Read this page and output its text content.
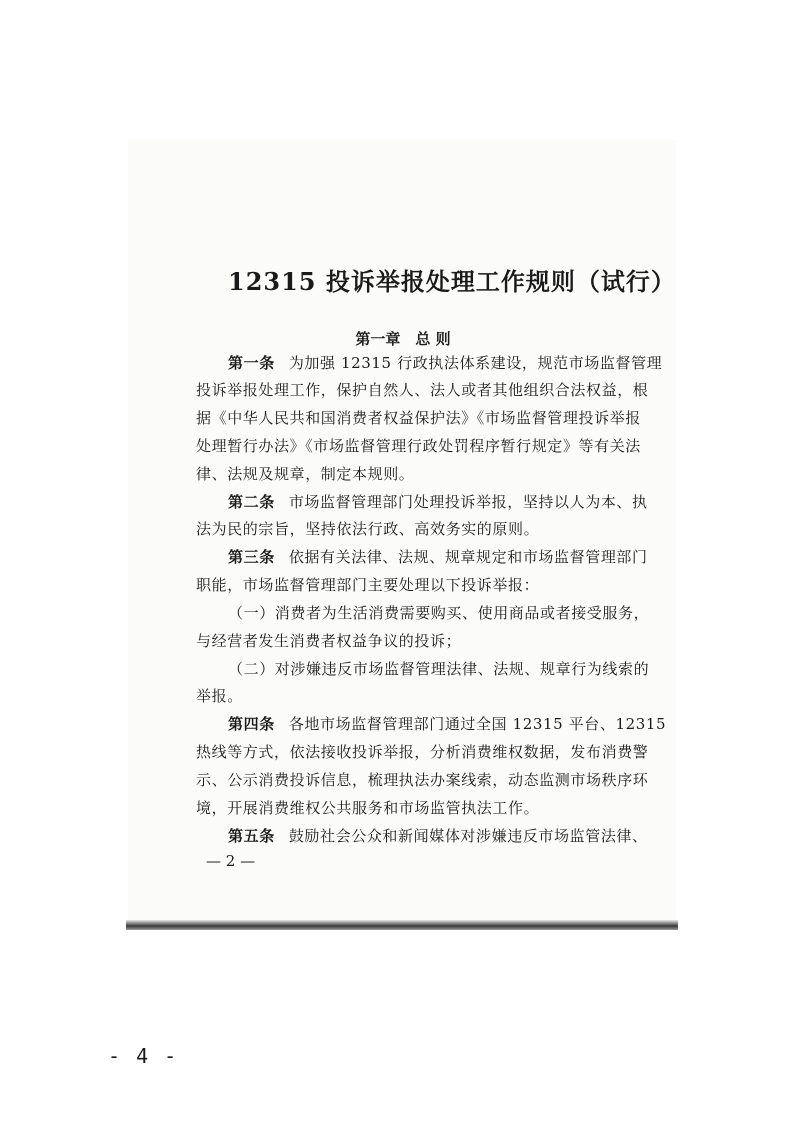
12315 投诉举报处理工作规则（试行）
第一章　总 则
第一条 为加强 12315 行政执法体系建设，规范市场监督管理
投诉举报处理工作，保护自然人、法人或者其他组织合法权益，根
据《中华人民共和国消费者权益保护法》《市场监督管理投诉举报
处理暂行办法》《市场监督管理行政处罚程序暂行规定》等有关法
律、法规及规章，制定本规则。
第二条 市场监督管理部门处理投诉举报，坚持以人为本、执
法为民的宗旨，坚持依法行政、高效务实的原则。
第三条 依据有关法律、法规、规章规定和市场监督管理部门
职能，市场监督管理部门主要处理以下投诉举报：
（一）消费者为生活消费需要购买、使用商品或者接受服务，
与经营者发生消费者权益争议的投诉；
（二）对涉嫌违反市场监督管理法律、法规、规章行为线索的
举报。
第四条 各地市场监督管理部门通过全国 12315 平台、12315
热线等方式，依法接收投诉举报，分析消费维权数据，发布消费警
示、公示消费投诉信息，梳理执法办案线索，动态监测市场秩序环
境，开展消费维权公共服务和市场监管执法工作。
第五条 鼓励社会公众和新闻媒体对涉嫌违反市场监管法律、
— 2 —
- 4 -
